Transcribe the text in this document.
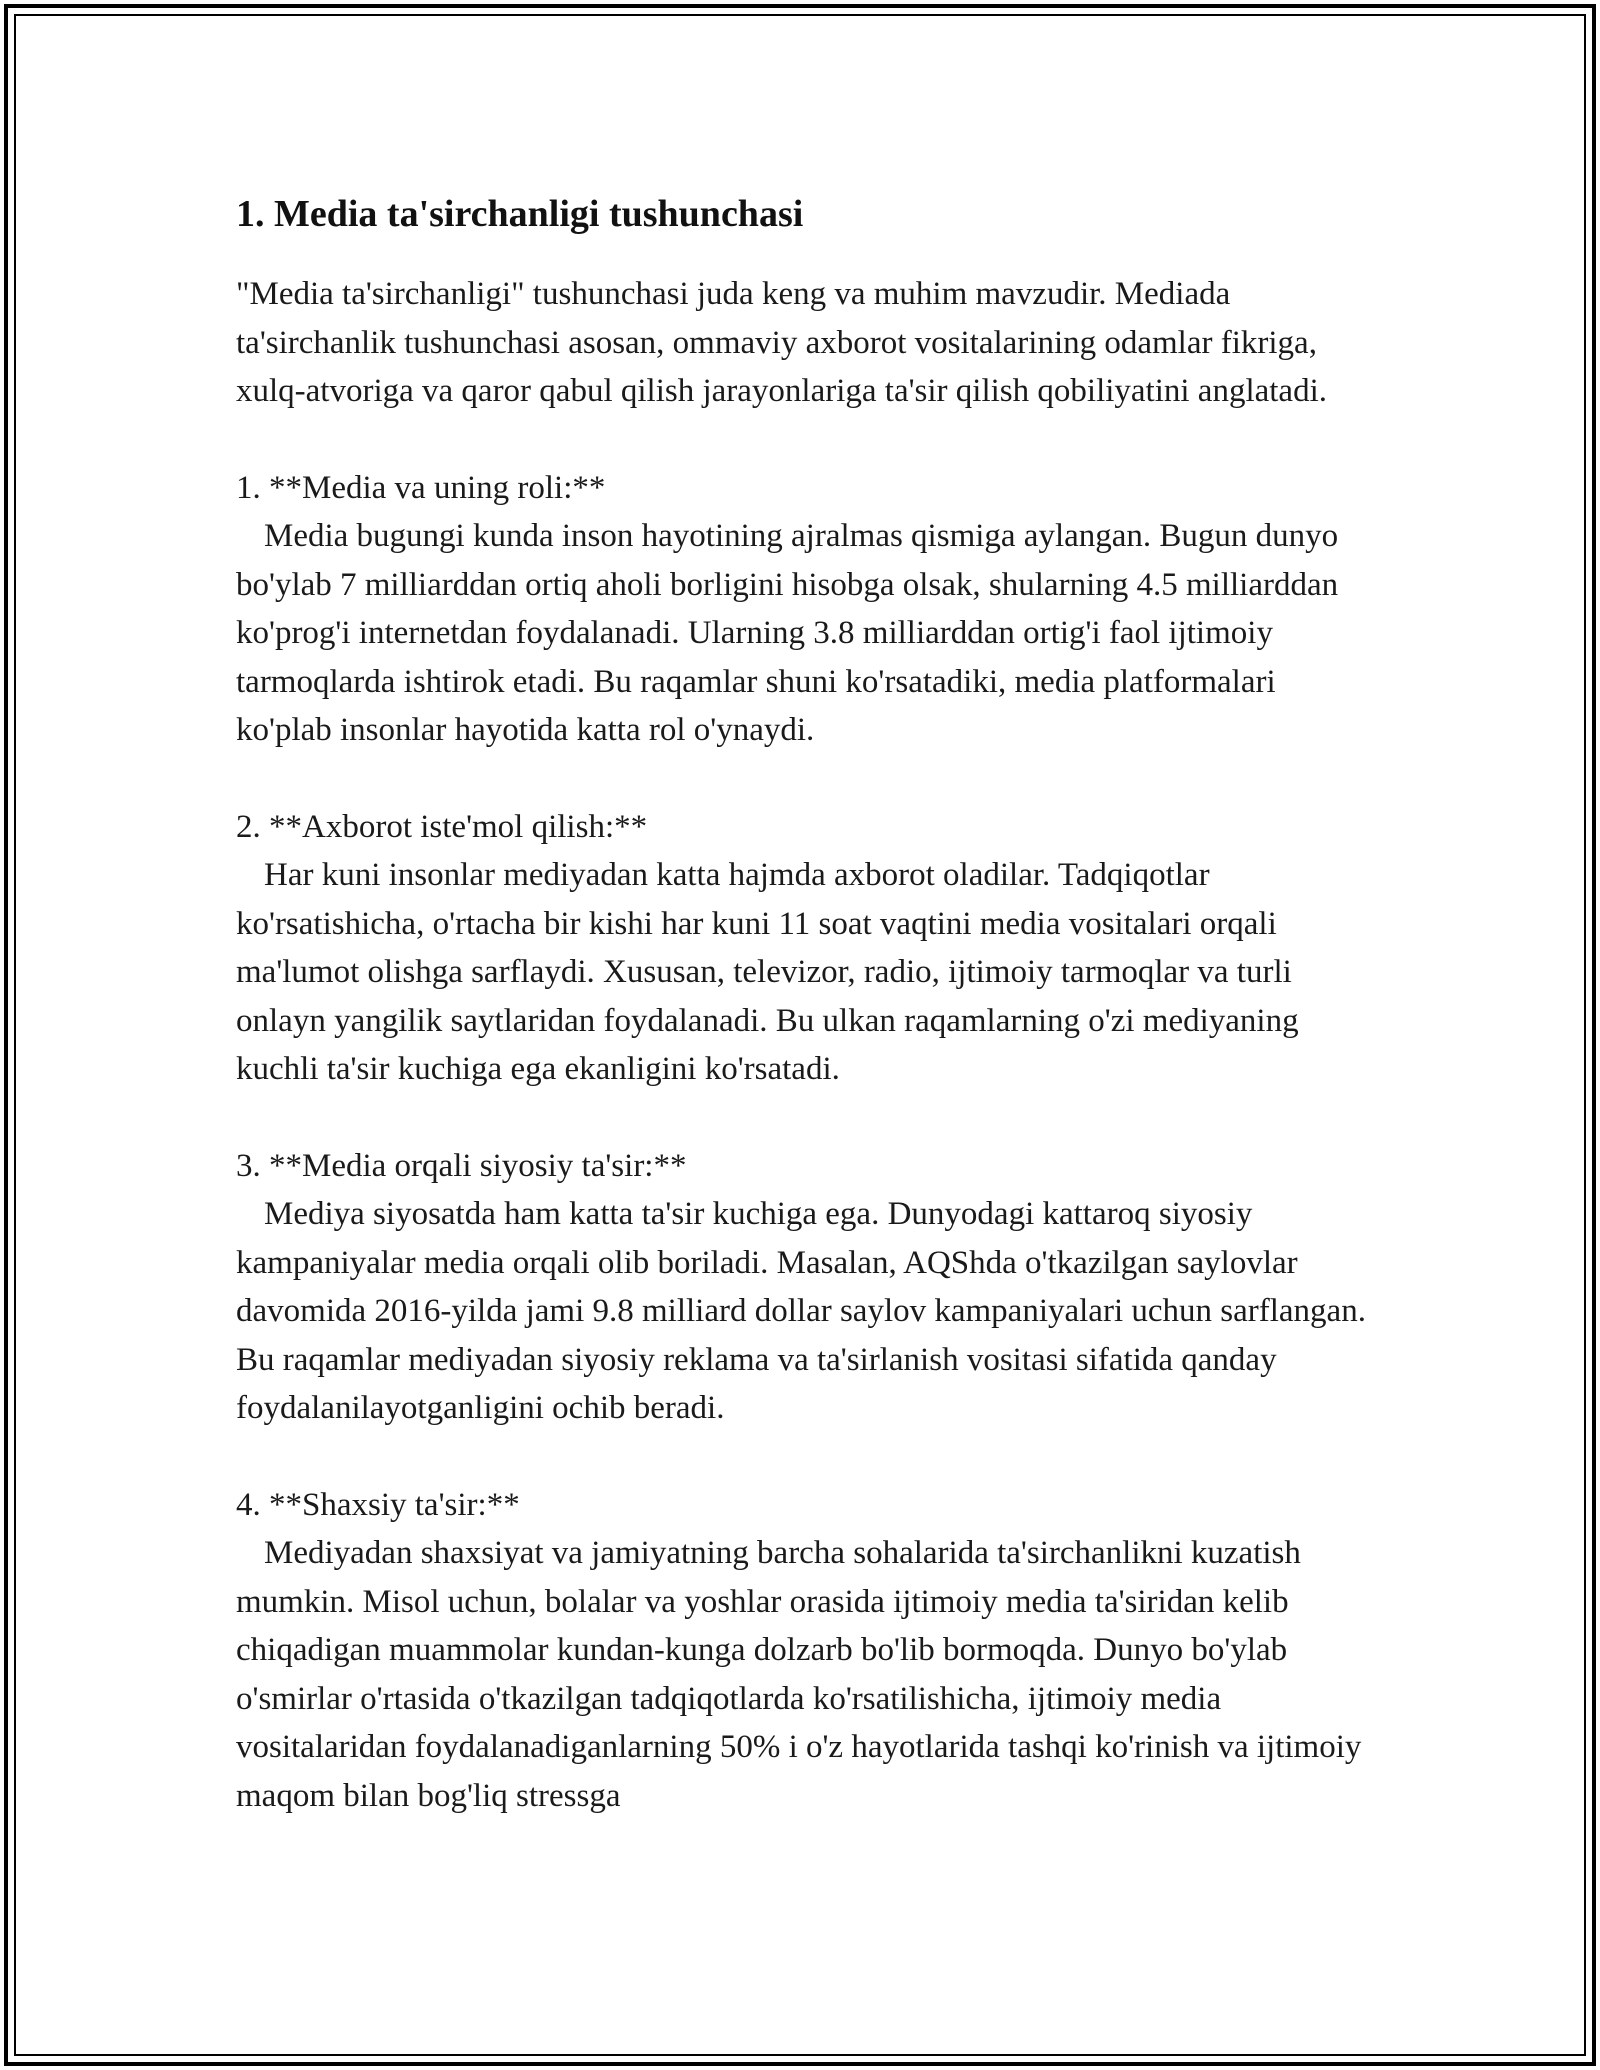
1. Media ta'sirchanligi tushunchasi

"Media ta'sirchanligi" tushunchasi juda keng va muhim mavzudir. Mediada ta'sirchanlik tushunchasi asosan, ommaviy axborot vositalarining odamlar fikriga, xulq-atvoriga va qaror qabul qilish jarayonlariga ta'sir qilish qobiliyatini anglatadi.

1. **Media va uning roli:**

Media bugungi kunda inson hayotining ajralmas qismiga aylangan. Bugun dunyo bo'ylab 7 milliarddan ortiq aholi borligini hisobga olsak, shularning 4.5 milliarddan ko'prog'i internetdan foydalanadi. Ularning 3.8 milliarddan ortig'i faol ijtimoiy tarmoqlarda ishtirok etadi. Bu raqamlar shuni ko'rsatadiki, media platformalari ko'plab insonlar hayotida katta rol o'ynaydi.

2. **Axborot iste'mol qilish:**

Har kuni insonlar mediyadan katta hajmda axborot oladilar. Tadqiqotlar ko'rsatishicha, o'rtacha bir kishi har kuni 11 soat vaqtini media vositalari orqali ma'lumot olishga sarflaydi. Xususan, televizor, radio, ijtimoiy tarmoqlar va turli onlayn yangilik saytlaridan foydalanadi. Bu ulkan raqamlarning o'zi mediyaning kuchli ta'sir kuchiga ega ekanligini ko'rsatadi.

3. **Media orqali siyosiy ta'sir:**

Mediya siyosatda ham katta ta'sir kuchiga ega. Dunyodagi kattaroq siyosiy kampaniyalar media orqali olib boriladi. Masalan, AQShda o'tkazilgan saylovlar davomida 2016-yilda jami 9.8 milliard dollar saylov kampaniyalari uchun sarflangan. Bu raqamlar mediyadan siyosiy reklama va ta'sirlanish vositasi sifatida qanday foydalanilayotganligini ochib beradi.

4. **Shaxsiy ta'sir:**

Mediyadan shaxsiyat va jamiyatning barcha sohalarida ta'sirchanlikni kuzatish mumkin. Misol uchun, bolalar va yoshlar orasida ijtimoiy media ta'siridan kelib chiqadigan muammolar kundan-kunga dolzarb bo'lib bormoqda. Dunyo bo'ylab o'smirlar o'rtasida o'tkazilgan tadqiqotlarda ko'rsatilishicha, ijtimoiy media vositalaridan foydalanadiganlarning 50% i o'z hayotlarida tashqi ko'rinish va ijtimoiy maqom bilan bog'liq stressga
